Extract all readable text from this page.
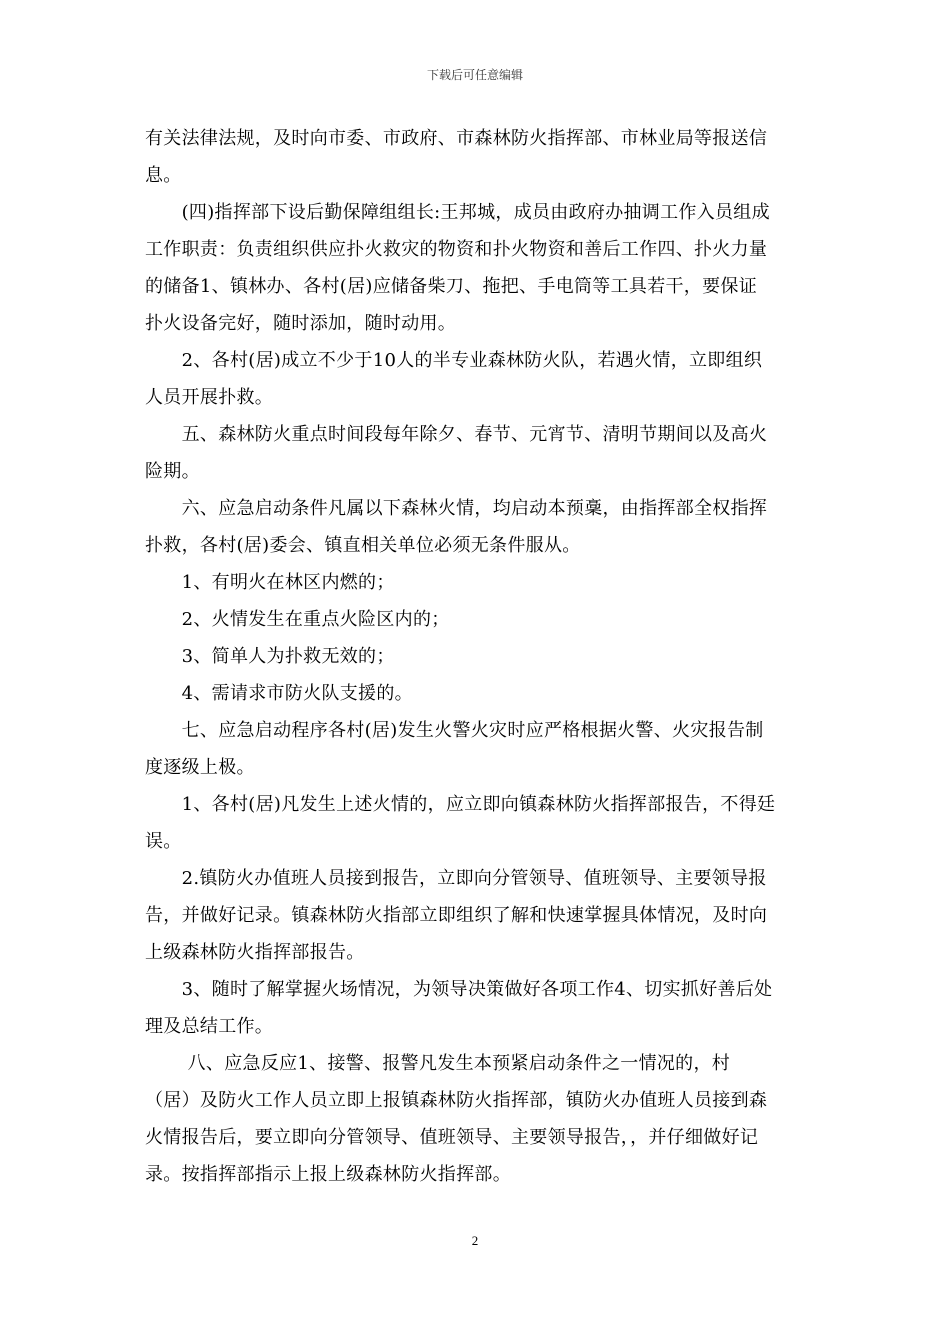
下载后可任意编辑
有关法律法规，及时向市委、市政府、市森林防火指挥部、市林业局等报送信
息。
　　(四)指挥部下设后勤保障组组长:王邦城，成员由政府办抽调工作入员组成
工作职责：负责组织供应扑火救灾的物资和扑火物资和善后工作四、扑火力量
的储备1、镇林办、各村(居)应储备柴刀、拖把、手电筒等工具若干，要保证
扑火设备完好，随时添加，随时动用。
　　2、各村(居)成立不少于10人的半专业森林防火队，若遇火情，立即组织
人员开展扑救。
　　五、森林防火重点时间段每年除夕、春节、元宵节、清明节期间以及高火
险期。
　　六、应急启动条件凡属以下森林火情，均启动本预稾，由指挥部全权指挥
扑救，各村(居)委会、镇直相关单位必须无条件服从。
　　1、有明火在林区内燃的；
　　2、火情发生在重点火险区内的；
　　3、简单人为扑救无效的；
　　4、需请求市防火队支援的。
　　七、应急启动程序各村(居)发生火警火灾时应严格根据火警、火灾报告制
度逐级上极。
　　1、各村(居)凡发生上述火情的，应立即向镇森林防火指挥部报告，不得廷
误。
　　2.镇防火办值班人员接到报告，立即向分管领导、值班领导、主要领导报
告，并做好记录。镇森林防火指部立即组织了解和快速掌握具体情况，及时向
上级森林防火指挥部报告。
　　3、随时了解掌握火场情况，为领导决策做好各项工作4、切实抓好善后处
理及总结工作。
　　 八、应急反应1、接警、报警凡发生本预紧启动条件之一情况的，村
（居）及防火工作人员立即上报镇森林防火指挥部，镇防火办值班人员接到森
火情报告后，要立即向分管领导、值班领导、主要领导报告，，并仔细做好记
录。按指挥部指示上报上级森林防火指挥部。
2
